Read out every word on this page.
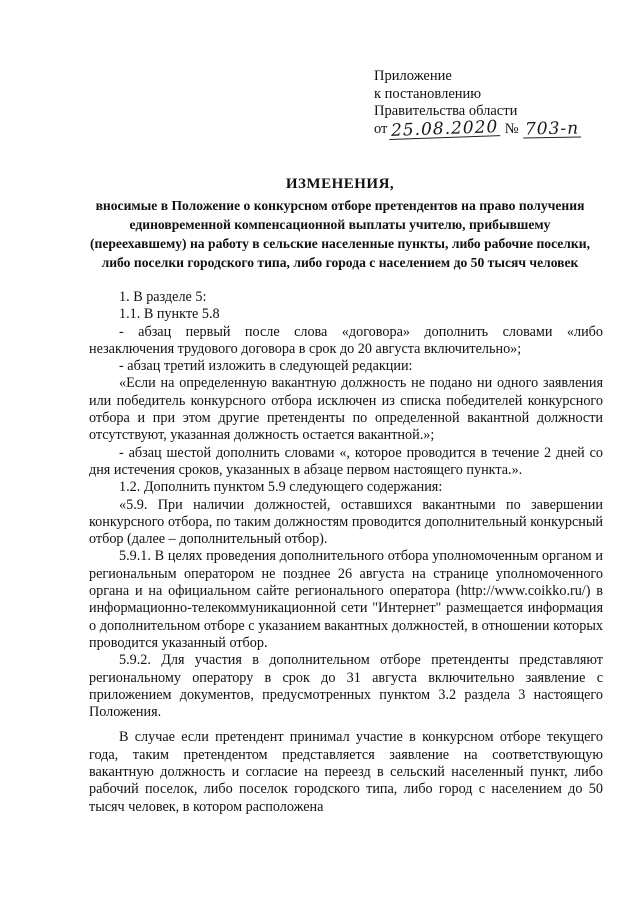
Приложение
к постановлению
Правительства области
от 25.08.2020 № 703-п
ИЗМЕНЕНИЯ,
вносимые в Положение о конкурсном отборе претендентов на право получения единовременной компенсационной выплаты учителю, прибывшему (переехавшему) на работу в сельские населенные пункты, либо рабочие поселки, либо поселки городского типа, либо города с населением до 50 тысяч человек

1. В разделе 5:

1.1. В пункте 5.8

- абзац первый после слова «договора» дополнить словами «либо незаключения трудового договора в срок до 20 августа включительно»;

- абзац третий изложить в следующей редакции:

«Если на определенную вакантную должность не подано ни одного заявления или победитель конкурсного отбора исключен из списка победителей конкурсного отбора и при этом другие претенденты по определенной вакантной должности отсутствуют, указанная должность остается вакантной.»;

- абзац шестой дополнить словами «, которое проводится в течение 2 дней со дня истечения сроков, указанных в абзаце первом настоящего пункта.».

1.2. Дополнить пунктом 5.9 следующего содержания:

«5.9. При наличии должностей, оставшихся вакантными по завершении конкурсного отбора, по таким должностям проводится дополнительный конкурсный отбор (далее – дополнительный отбор).

5.9.1. В целях проведения дополнительного отбора уполномоченным органом и региональным оператором не позднее 26 августа на странице уполномоченного органа и на официальном сайте регионального оператора (http://www.coikko.ru/) в информационно-телекоммуникационной сети "Интернет" размещается информация о дополнительном отборе с указанием вакантных должностей, в отношении которых проводится указанный отбор.

5.9.2. Для участия в дополнительном отборе претенденты представляют региональному оператору в срок до 31 августа включительно заявление с приложением документов, предусмотренных пунктом 3.2 раздела 3 настоящего Положения.

В случае если претендент принимал участие в конкурсном отборе текущего года, таким претендентом представляется заявление на соответствующую вакантную должность и согласие на переезд в сельский населенный пункт, либо рабочий поселок, либо поселок городского типа, либо город с населением до 50 тысяч человек, в котором расположена
